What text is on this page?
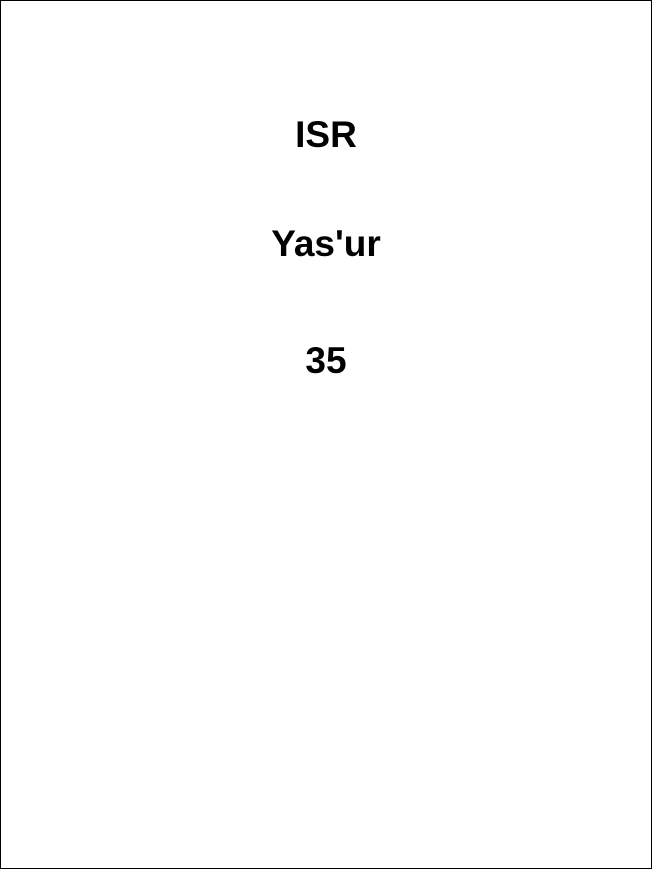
ISR
Yas'ur
35
